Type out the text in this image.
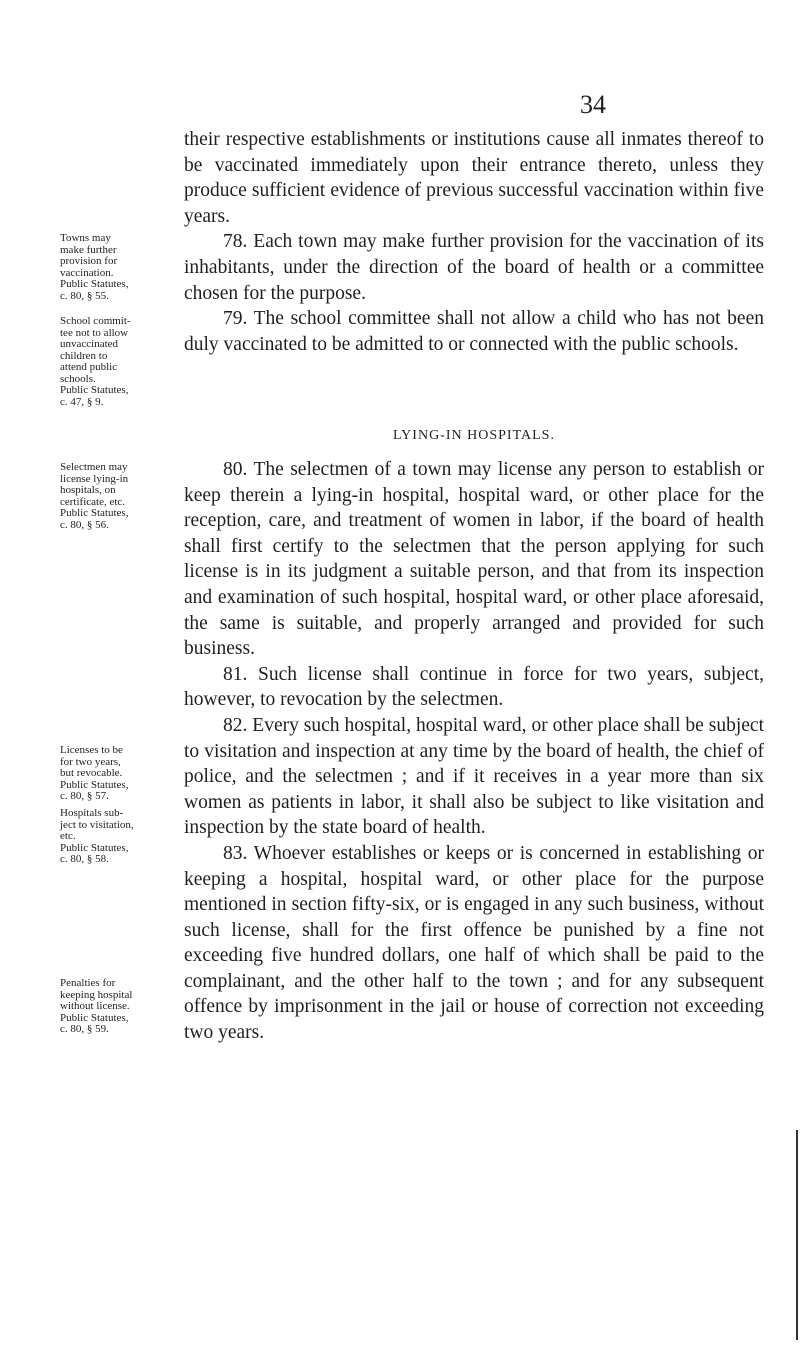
34

their respective establishments or institutions cause all inmates thereof to be vaccinated immediately upon their entrance thereto, unless they produce sufficient evidence of previous successful vaccination within five years.

78. Each town may make further provision for the vaccination of its inhabitants, under the direction of the board of health or a committee chosen for the purpose.

79. The school committee shall not allow a child who has not been duly vaccinated to be admitted to or connected with the public schools.

LYING-IN HOSPITALS.

80. The selectmen of a town may license any person to establish or keep therein a lying-in hospital, hospital ward, or other place for the reception, care, and treatment of women in labor, if the board of health shall first certify to the selectmen that the person applying for such license is in its judgment a suitable person, and that from its inspection and examination of such hospital, hospital ward, or other place aforesaid, the same is suitable, and properly arranged and provided for such business.

81. Such license shall continue in force for two years, subject, however, to revocation by the selectmen.

82. Every such hospital, hospital ward, or other place shall be subject to visitation and inspection at any time by the board of health, the chief of police, and the selectmen ; and if it receives in a year more than six women as patients in labor, it shall also be subject to like visitation and inspection by the state board of health.

83. Whoever establishes or keeps or is concerned in establishing or keeping a hospital, hospital ward, or other place for the purpose mentioned in section fifty-six, or is engaged in any such business, without such license, shall for the first offence be punished by a fine not exceeding five hundred dollars, one half of which shall be paid to the complainant, and the other half to the town ; and for any subsequent offence by imprisonment in the jail or house of correction not exceeding two years.

Towns may
make further
provision for
vaccination.
Public Statutes,
c. 80, § 55.
School commit-
tee not to allow
unvaccinated
children to
attend public
schools.
Public Statutes,
c. 47, § 9.
Selectmen may
license lying-in
hospitals, on
certificate, etc.
Public Statutes,
c. 80, § 56.
Licenses to be
for two years,
but revocable.
Public Statutes,
c. 80, § 57.
Hospitals sub-
ject to visitation,
etc.
Public Statutes,
c. 80, § 58.
Penalties for
keeping hospital
without license.
Public Statutes,
c. 80, § 59.
